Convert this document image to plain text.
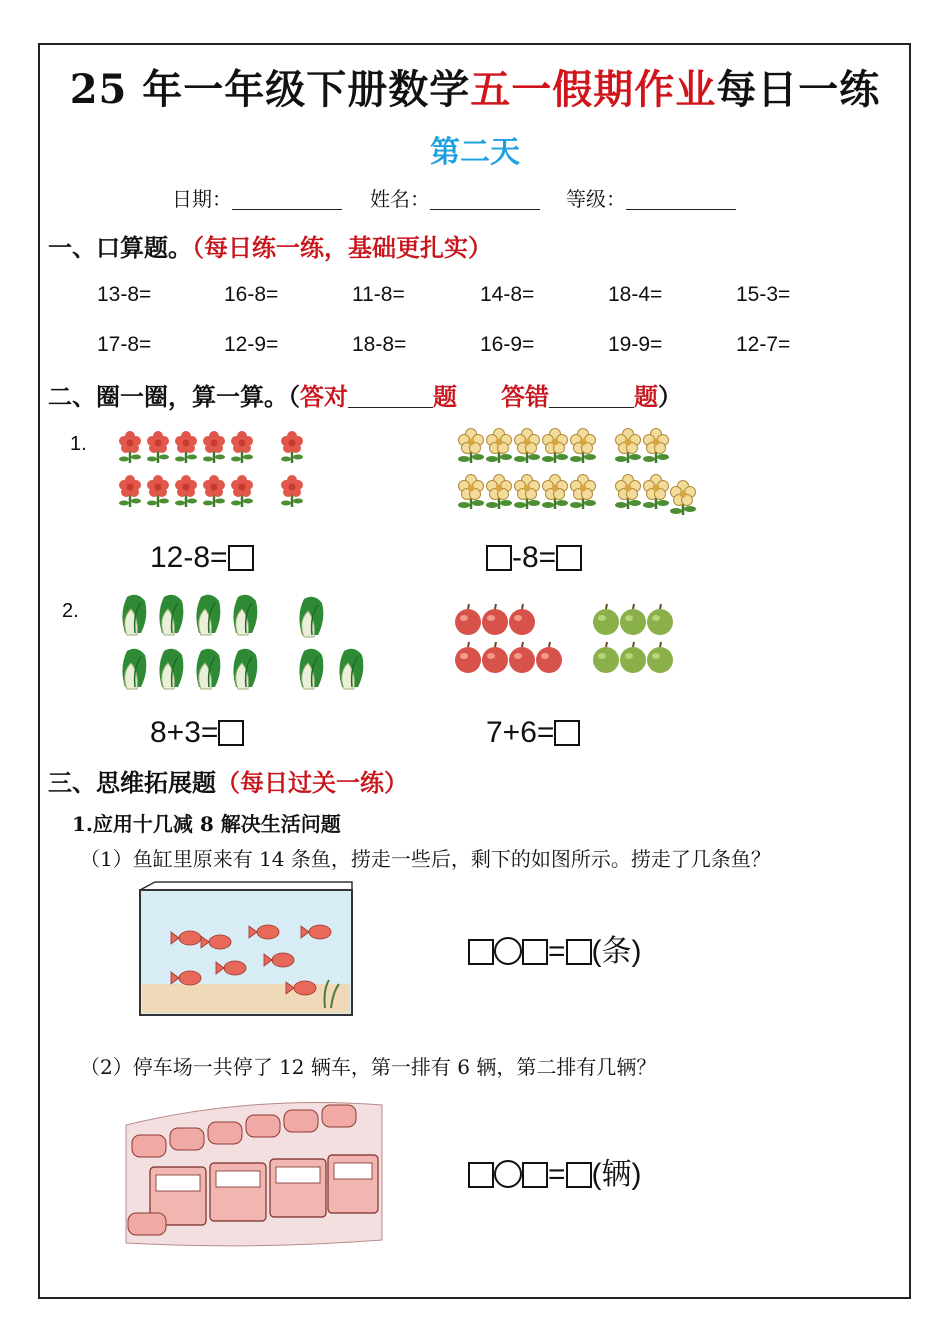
25 年一年级下册数学五一假期作业每日一练
第二天
日期：	姓名：	等级：
一、口算题。（每日练一练，基础更扎实）
13-8=	16-8=	11-8=	14-8=	18-4=	15-3=
17-8=	12-9=	18-8=	16-9=	19-9=	12-7=
二、圈一圈，算一算。（答对	题 答错	题）
1.
12-8=	-8=
2.
8+3=	7+6=
三、思维拓展题（每日过关一练）
1.应用十几减 8 解决生活问题
（1）鱼缸里原来有 14 条鱼，捞走一些后，剩下的如图所示。捞走了几条鱼？
= (条)
（2）停车场一共停了 12 辆车，第一排有 6 辆，第二排有几辆？
= (辆)
